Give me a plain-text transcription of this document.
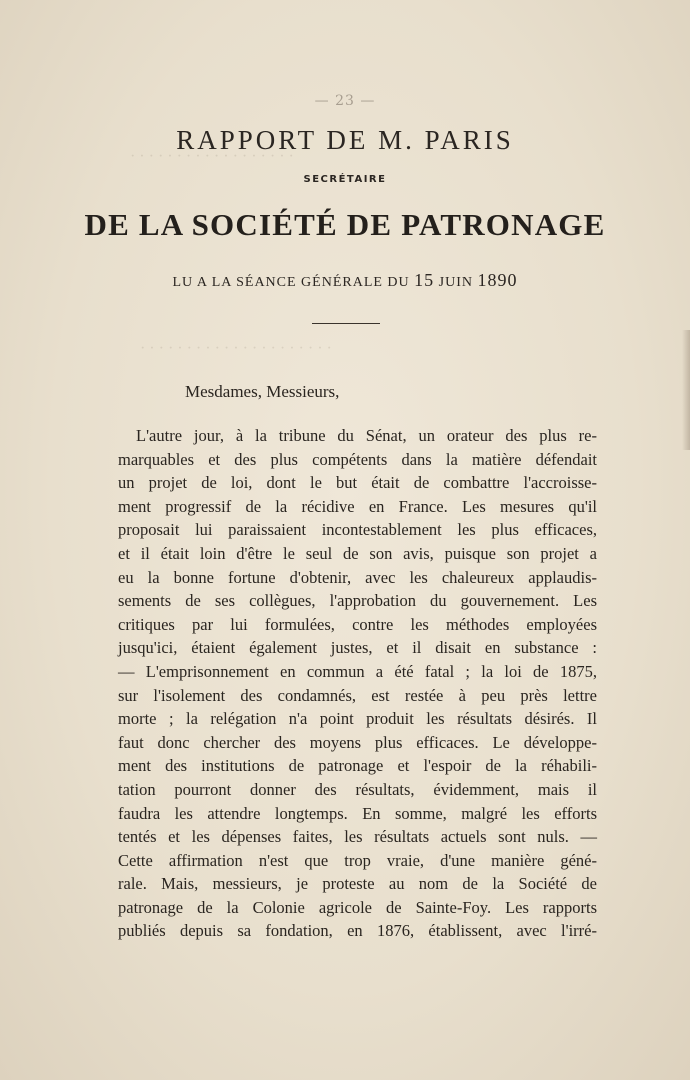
· · · · · · · · · · · · · · · · · ·
· · · · · · · · · · · · · · · · · · · · ·
— 23 —
RAPPORT DE M. PARIS
SECRÉTAIRE
DE LA SOCIÉTÉ DE PATRONAGE
LU A LA SÉANCE GÉNÉRALE DU 15 JUIN 1890
Mesdames, Messieurs,
L'autre jour, à la tribune du Sénat, un orateur des plus re-
marquables et des plus compétents dans la matière défendait
un projet de loi, dont le but était de combattre l'accroisse-
ment progressif de la récidive en France. Les mesures qu'il
proposait lui paraissaient incontestablement les plus efficaces,
et il était loin d'être le seul de son avis, puisque son projet a
eu la bonne fortune d'obtenir, avec les chaleureux applaudis-
sements de ses collègues, l'approbation du gouvernement. Les
critiques par lui formulées, contre les méthodes employées
jusqu'ici, étaient également justes, et il disait en substance :
— L'emprisonnement en commun a été fatal ; la loi de 1875,
sur l'isolement des condamnés, est restée à peu près lettre
morte ; la relégation n'a point produit les résultats désirés. Il
faut donc chercher des moyens plus efficaces. Le développe-
ment des institutions de patronage et l'espoir de la réhabili-
tation pourront donner des résultats, évidemment, mais il
faudra les attendre longtemps. En somme, malgré les efforts
tentés et les dépenses faites, les résultats actuels sont nuls. —
Cette affirmation n'est que trop vraie, d'une manière géné-
rale. Mais, messieurs, je proteste au nom de la Société de
patronage de la Colonie agricole de Sainte-Foy. Les rapports
publiés depuis sa fondation, en 1876, établissent, avec l'irré-
